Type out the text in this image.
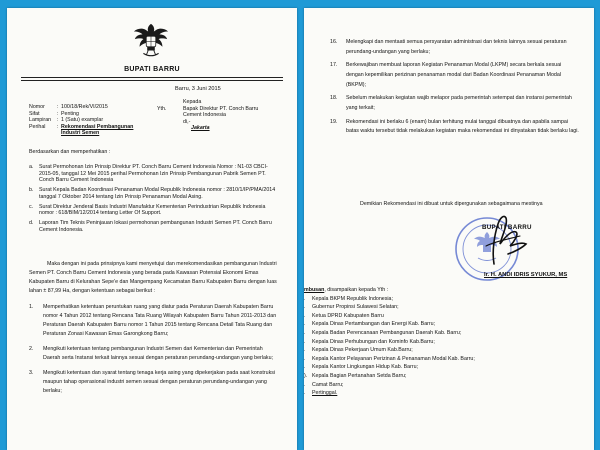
BUPATI BARRU
Barru, 3 Juni 2015
Nomor	: 100/18/Rek/VI/2015
Sifat	: Penting
Lampiran	: 1 (Satu) examplar
Perihal	: Rekomendasi Pembangunan
Industri Semen
Kepada
Yth.	Bapak Direktur PT. Conch Barru
Cement Indonesia
di,-
Jakarta
Berdasarkan dan memperhatikan :
a.	Surat Permohonan Izin Prinsip Direktur PT. Conch Barru Cement Indonesia Nomor : N1-03 CBCI-2015-05, tanggal 12 Mei 2015 perihal Permohonan Izin Prinsip Pembangunan Pabrik Semen PT. Conch Barru Cement Indonesia
b.	Surat Kepala Badan Koordinasi Penanaman Modal Republik Indonesia nomor : 2810/1/IP/PMA/2014 tanggal 7 Oktober 2014 tentang Izin Prinsip Penanaman Modal Asing.
c.	Surat Direktur Jenderal Basis Industri Manufaktur Kementerian Perindustrian Republik Indonesia nomor : 618/BIM/12/2014 tentang Letter Of Support.
d.	Laporan Tim Teknis Peninjauan lokasi permohonan pembangunan Industri Semen PT. Conch Barru Cement Indonesia.
Maka dengan ini pada prinsipnya kami menyetujui dan merekomendasikan pembangunan Industri Semen PT. Conch Barru Cement Indonesia yang berada pada Kawasan Potensial Ekonomi Emas Kabupaten Barru di Kelurahan Sepe'e dan Mangempang Kecamatan Barru Kabupaten Barru dengan luas lahan ± 87,99 Ha, dengan ketentuan sebagai berikut :
1.	Memperhatikan ketentuan peruntukan ruang yang diatur pada Peraturan Daerah Kabupaten Barru nomor 4 Tahun 2012 tentang Rencana Tata Ruang Wilayah Kabupaten Barru Tahun 2011-2013 dan Peraturan Daerah Kabupaten Barru nomor 1 Tahun 2015 tentang Rencana Detail Tata Ruang dan Peraturan Zonasi Kawasan Emas Garongkong Barru;
2.	Mengikuti ketentuan tentang pembangunan Industri Semen dari Kementerian dan Pemerintah Daerah serta Instansi terkait lainnya sesuai dengan peraturan perundang-undangan yang berlaku;
3.	Mengikuti ketentuan dan syarat tentang tenaga kerja asing yang dipekerjakan pada saat konstruksi maupun tahap operasional industri semen sesuai dengan peraturan perundang-undangan yang berlaku;
16.	Melengkapi dan mentaati semua persyaratan administrasi dan teknis lainnya sesuai peraturan perundang-undangan yang berlaku;
17.	Berkewajiban membuat laporan Kegiatan Penanaman Modal (LKPM) secara berkala sesuai dengan kepemilikan perizinan penanaman modal dari Badan Koordinasi Penanaman Modal (BKPM);
18.	Sebelum melakukan kegiatan wajib melapor pada pemerintah setempat dan instansi pemerintah yang terkait;
19.	Rekomendasi ini berlaku 6 (enam) bulan terhitung mulai tanggal dibuatnya dan apabila sampai batas waktu tersebut tidak melakukan kegiatan maka rekomendasi ini dinyatakan tidak berlaku lagi.
Demikian Rekomendasi ini dibuat untuk dipergunakan sebagaimana mestinya
BUPATI BARRU
Ir. H. ANDI IDRIS SYUKUR, MS
mbusan, disampaikan kepada Yth :
.	Kepala BKPM Republik Indonesia;
.	Gubernur Propinsi Sulawesi Selatan;
.	Ketua DPRD Kabupaten Barru
.	Kepala Dinas Pertambangan dan Energi Kab. Barru;
.	Kepala Badan Perencanaan Pembangunan Daerah Kab. Barru;
.	Kepala Dinas Perhubungan dan Kominfo Kab.Barru;
.	Kepala Dinas Pekerjaan Umum Kab.Barru;
.	Kepala Kantor Pelayanan Perizinan & Penanaman Modal Kab. Barru;
.	Kepala Kantor Lingkungan Hidup Kab. Barru;
). Kepala Bagian Pertanahan Setda Barru;
.	Camat Barru;
.	Pertinggal.
